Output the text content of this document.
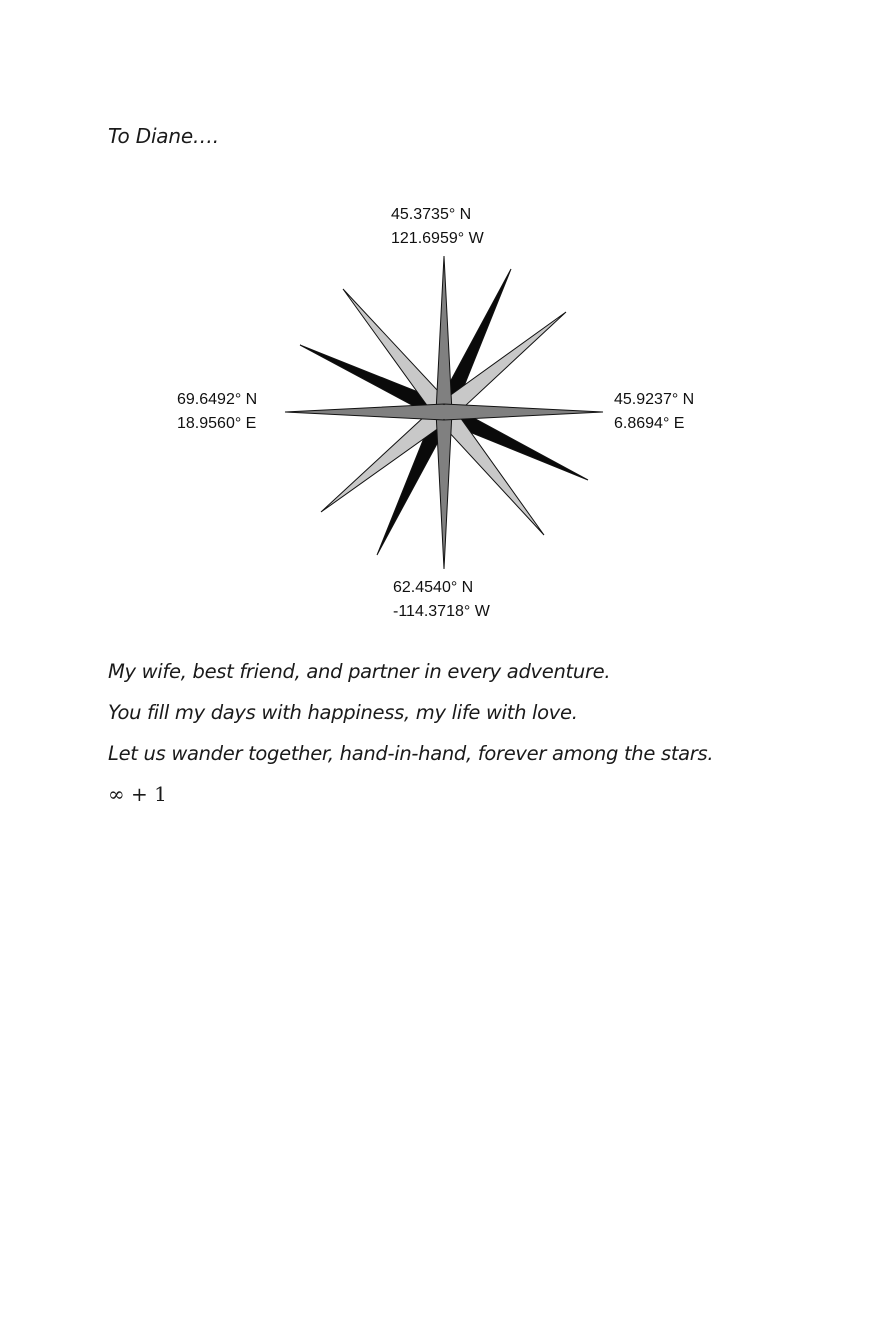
To Diane….

45.3735° N
121.6959° W
69.6492° N
18.9560° E
45.9237° N
6.8694° E
62.4540° N
-114.3718° W
My wife, best friend, and partner in every adventure.
You fill my days with happiness, my life with love.
Let us wander together, hand-in-hand, forever among the stars.
∞ + 1
